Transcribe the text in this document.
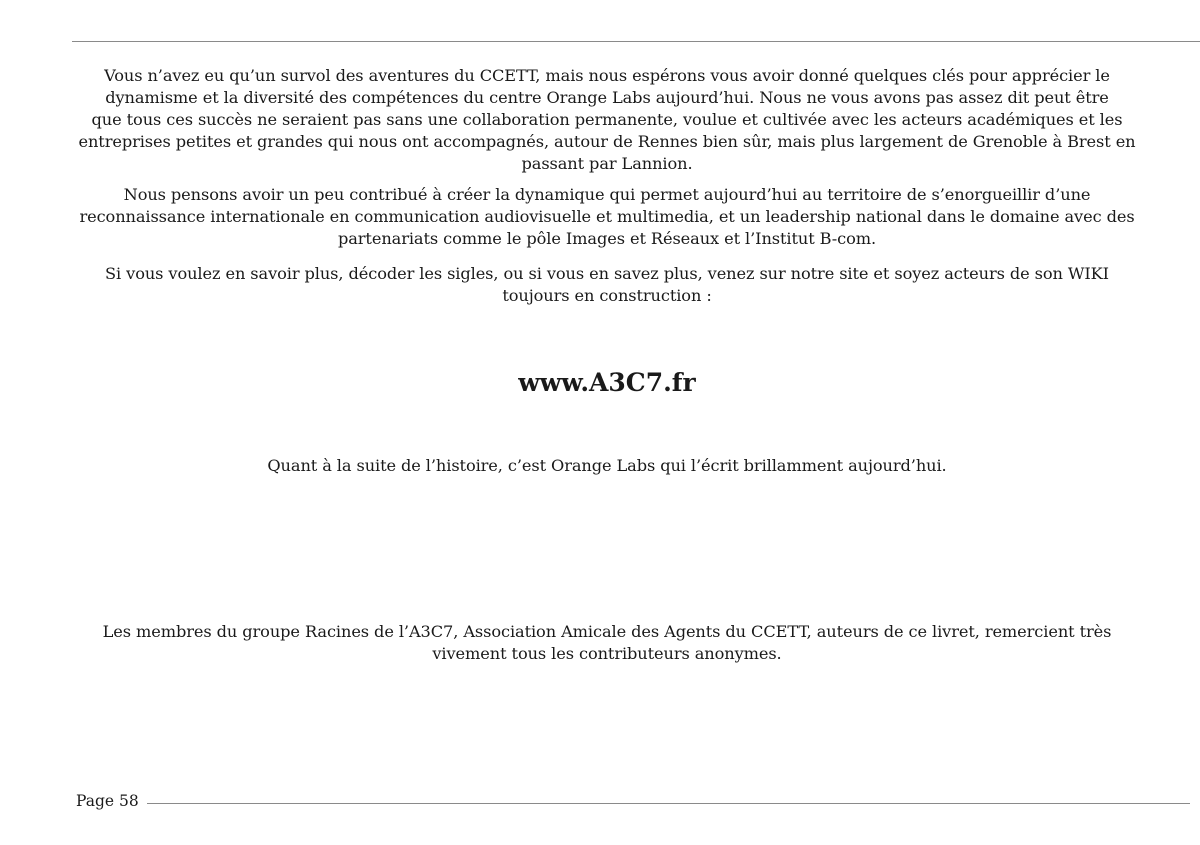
Vous n’avez eu qu’un survol des aventures du CCETT, mais nous espérons vous avoir donné quelques clés pour apprécier le
dynamisme et la diversité des compétences du centre Orange Labs aujourd’hui. Nous ne vous avons pas assez dit peut être
que tous ces succès ne seraient pas sans une collaboration permanente, voulue et cultivée avec les acteurs académiques et les
entreprises petites et grandes qui nous ont accompagnés, autour de Rennes bien sûr, mais plus largement de Grenoble à Brest en
passant par Lannion.

Nous pensons avoir un peu contribué à créer la dynamique qui permet aujourd’hui au territoire de s’enorgueillir d’une
reconnaissance internationale en communication audiovisuelle et multimedia, et un leadership national dans le domaine avec des
partenariats comme le pôle Images et Réseaux et l’Institut B-com.

Si vous voulez en savoir plus, décoder les sigles, ou si vous en savez plus, venez sur notre site et soyez acteurs de son WIKI
toujours en construction :

www.A3C7.fr

Quant à la suite de l’histoire, c’est Orange Labs qui l’écrit brillamment aujourd’hui.

Les membres du groupe Racines de l’A3C7, Association Amicale des Agents du CCETT, auteurs de ce livret, remercient très
vivement tous les contributeurs anonymes.

Page 58
